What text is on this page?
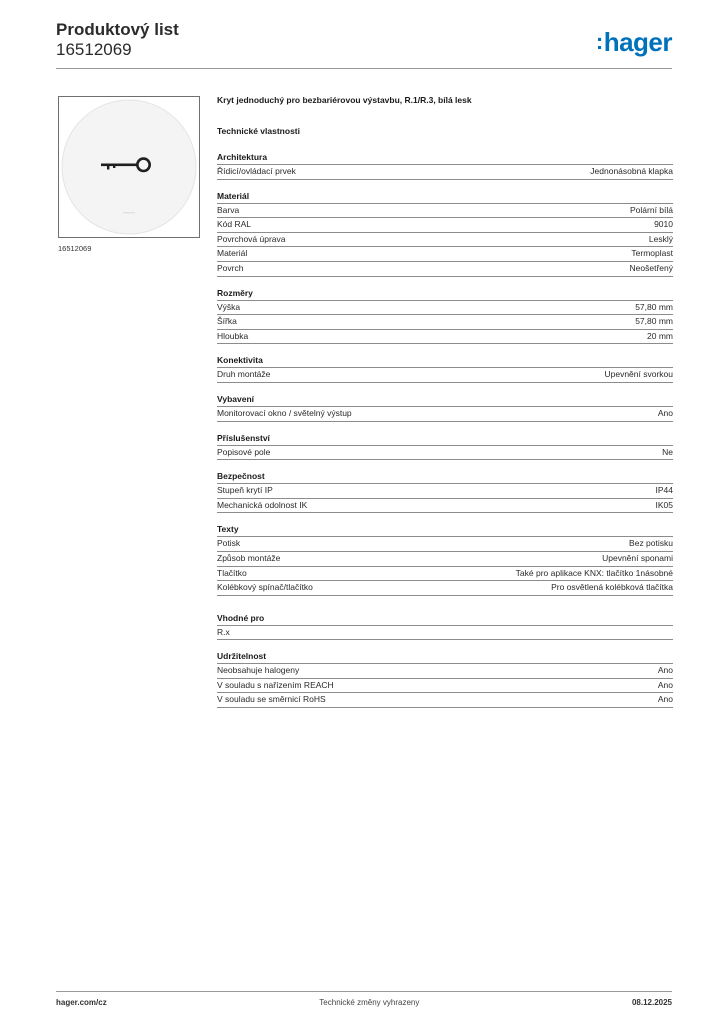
Produktový list
16512069	:hager
16512069
Kryt jednoduchý pro bezbariérovou výstavbu, R.1/R.3, bílá lesk
Technické vlastnosti
Architektura
Řídicí/ovládací prvek	Jednonásobná klapka
Materiál
Barva	Polární bílá
Kód RAL	9010
Povrchová úprava	Lesklý
Materiál	Termoplast
Povrch	Neošetřený
Rozměry
Výška	57,80 mm
Šířka	57,80 mm
Hloubka	20 mm
Konektivita
Druh montáže	Upevnění svorkou
Vybavení
Monitorovací okno / světelný výstup	Ano
Příslušenství
Popisové pole	Ne
Bezpečnost
Stupeň krytí IP	IP44
Mechanická odolnost IK	IK05
Texty
Potisk	Bez potisku
Způsob montáže	Upevnění sponami
Tlačítko	Také pro aplikace KNX: tlačítko 1násobné
Kolébkový spínač/tlačítko	Pro osvětlená kolébková tlačítka
Vhodné pro
R.x
Udržitelnost
Neobsahuje halogeny	Ano
V souladu s nařízením REACH	Ano
V souladu se směrnicí RoHS	Ano
hager.com/cz	Technické změny vyhrazeny	08.12.2025
